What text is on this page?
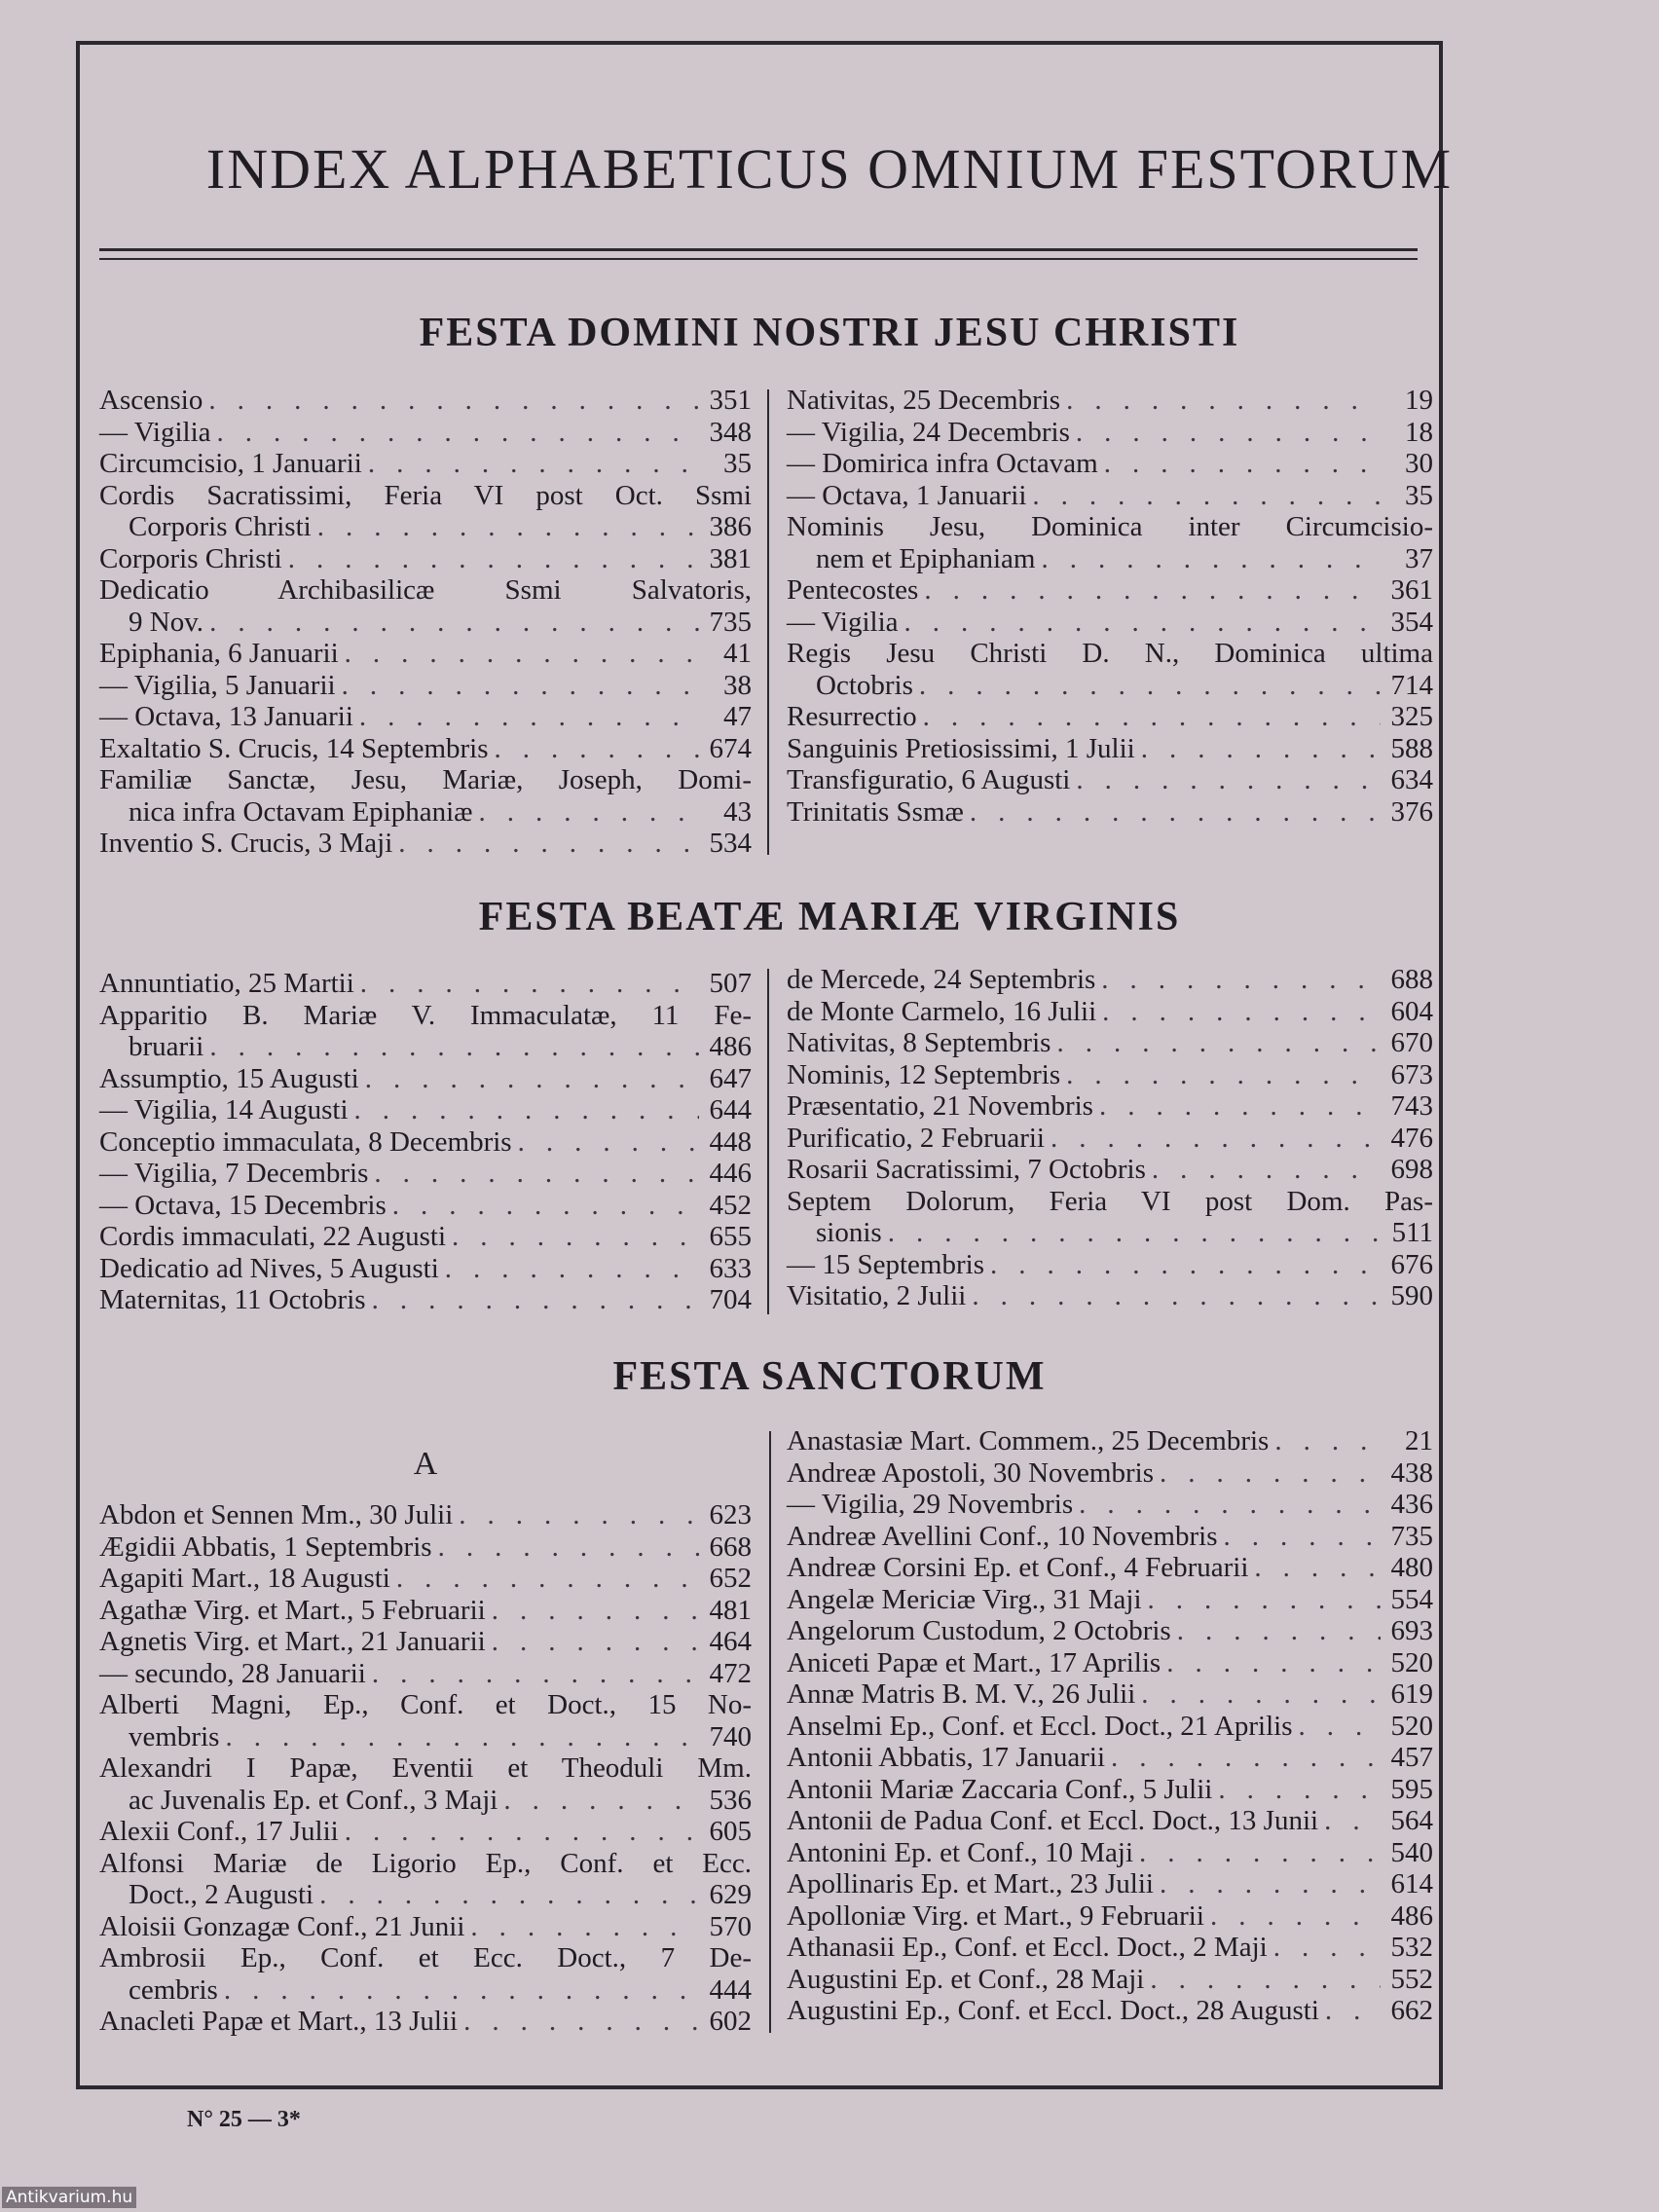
INDEX ALPHABETICUS OMNIUM FESTORUM
FESTA DOMINI NOSTRI JESU CHRISTI
Ascensio .....	351
— Vigilia .....	348
Circumcisio, 1 Januarii .....	35
Cordis Sacratissimi, Feria VI post Oct. Ssmi
Corporis Christi .....	386
Corporis Christi .....	381
Dedicatio Archibasilicæ Ssmi Salvatoris,
9 Nov. .....	735
Epiphania, 6 Januarii .....	41
— Vigilia, 5 Januarii .....	38
— Octava, 13 Januarii .....	47
Exaltatio S. Crucis, 14 Septembris .....	674
Familiæ Sanctæ, Jesu, Mariæ, Joseph, Domi-
nica infra Octavam Epiphaniæ .....	43
Inventio S. Crucis, 3 Maji .....	534
Nativitas, 25 Decembris .....	19
— Vigilia, 24 Decembris .....	18
— Domirica infra Octavam .....	30
— Octava, 1 Januarii .....	35
Nominis Jesu, Dominica inter Circumcisio-
nem et Epiphaniam .....	37
Pentecostes .....	361
— Vigilia .....	354
Regis Jesu Christi D. N., Dominica ultima
Octobris .....	714
Resurrectio .....	325
Sanguinis Pretiosissimi, 1 Julii .....	588
Transfiguratio, 6 Augusti .....	634
Trinitatis Ssmæ .....	376
FESTA BEATÆ MARIÆ VIRGINIS
Annuntiatio, 25 Martii .....	507
Apparitio B. Mariæ V. Immaculatæ, 11 Fe-
bruarii .....	486
Assumptio, 15 Augusti .....	647
— Vigilia, 14 Augusti .....	644
Conceptio immaculata, 8 Decembris .....	448
— Vigilia, 7 Decembris .....	446
— Octava, 15 Decembris .....	452
Cordis immaculati, 22 Augusti .....	655
Dedicatio ad Nives, 5 Augusti .....	633
Maternitas, 11 Octobris .....	704
de Mercede, 24 Septembris .....	688
de Monte Carmelo, 16 Julii .....	604
Nativitas, 8 Septembris .....	670
Nominis, 12 Septembris .....	673
Præsentatio, 21 Novembris .....	743
Purificatio, 2 Februarii .....	476
Rosarii Sacratissimi, 7 Octobris .....	698
Septem Dolorum, Feria VI post Dom. Pas-
sionis .....	511
— 15 Septembris .....	676
Visitatio, 2 Julii .....	590
FESTA SANCTORUM
A
Abdon et Sennen Mm., 30 Julii .....	623
Ægidii Abbatis, 1 Septembris .....	668
Agapiti Mart., 18 Augusti .....	652
Agathæ Virg. et Mart., 5 Februarii .....	481
Agnetis Virg. et Mart., 21 Januarii .....	464
— secundo, 28 Januarii .....	472
Alberti Magni, Ep., Conf. et Doct., 15 No-
vembris .....	740
Alexandri I Papæ, Eventii et Theoduli Mm.
ac Juvenalis Ep. et Conf., 3 Maji .....	536
Alexii Conf., 17 Julii .....	605
Alfonsi Mariæ de Ligorio Ep., Conf. et Ecc.
Doct., 2 Augusti .....	629
Aloisii Gonzagæ Conf., 21 Junii .....	570
Ambrosii Ep., Conf. et Ecc. Doct., 7 De-
cembris .....	444
Anacleti Papæ et Mart., 13 Julii .....	602
Anastasiæ Mart. Commem., 25 Decembris .....	21
Andreæ Apostoli, 30 Novembris .....	438
— Vigilia, 29 Novembris .....	436
Andreæ Avellini Conf., 10 Novembris .....	735
Andreæ Corsini Ep. et Conf., 4 Februarii .....	480
Angelæ Mericiæ Virg., 31 Maji .....	554
Angelorum Custodum, 2 Octobris .....	693
Aniceti Papæ et Mart., 17 Aprilis .....	520
Annæ Matris B. M. V., 26 Julii .....	619
Anselmi Ep., Conf. et Eccl. Doct., 21 Aprilis .....	520
Antonii Abbatis, 17 Januarii .....	457
Antonii Mariæ Zaccaria Conf., 5 Julii .....	595
Antonii de Padua Conf. et Eccl. Doct., 13 Junii .....	564
Antonini Ep. et Conf., 10 Maji .....	540
Apollinaris Ep. et Mart., 23 Julii .....	614
Apolloniæ Virg. et Mart., 9 Februarii .....	486
Athanasii Ep., Conf. et Eccl. Doct., 2 Maji .....	532
Augustini Ep. et Conf., 28 Maji .....	552
Augustini Ep., Conf. et Eccl. Doct., 28 Augusti .....	662
N° 25 — 3*
Antikvarium.hu
